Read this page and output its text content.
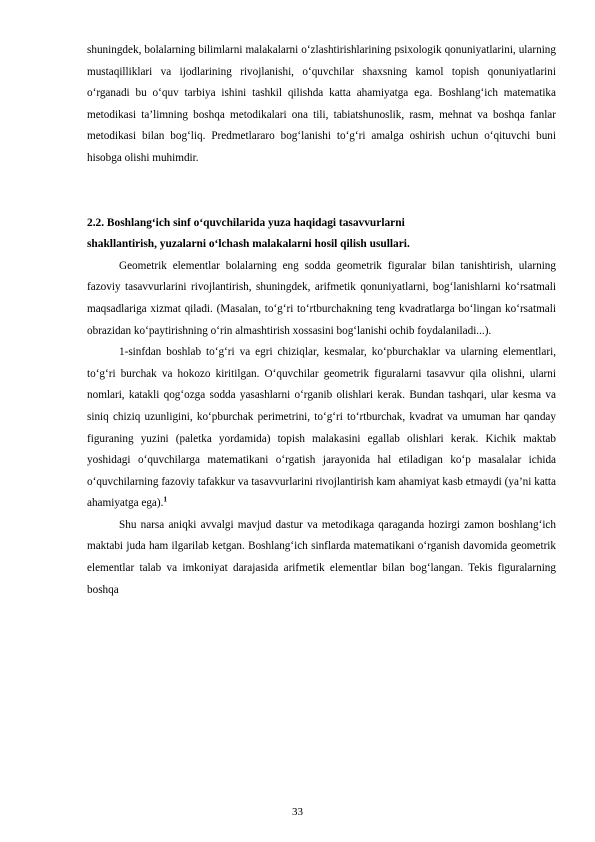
shuningdek, bolalarning bilimlarni malakalarni o‘zlashtirishlarining psixologik qonuniyatlarini, ularning mustaqilliklari va ijodlarining rivojlanishi, o‘quvchilar shaxsning kamol topish qonuniyatlarini o‘rganadi bu o‘quv tarbiya ishini tashkil qilishda katta ahamiyatga ega. Boshlang‘ich matematika metodikasi ta’limning boshqa metodikalari ona tili, tabiatshunoslik, rasm, mehnat va boshqa fanlar metodikasi bilan bog‘liq. Predmetlararo bog‘lanishi to‘g‘ri amalga oshirish uchun o‘qituvchi buni hisobga olishi muhimdir.

2.2. Boshlang‘ich sinf o‘quvchilarida yuza haqidagi tasavvurlarni
shakllantirish, yuzalarni o‘lchash malakalarni hosil qilish usullari.

Geometrik elementlar bolalarning eng sodda geometrik figuralar bilan tanishtirish, ularning fazoviy tasavvurlarini rivojlantirish, shuningdek, arifmetik qonuniyatlarni, bog‘lanishlarni ko‘rsatmali maqsadlariga xizmat qiladi. (Masalan, to‘g‘ri to‘rtburchakning teng kvadratlarga bo‘lingan ko‘rsatmali obrazidan ko‘paytirishning o‘rin almashtirish xossasini bog‘lanishi ochib foydalaniladi...).

1-sinfdan boshlab to‘g‘ri va egri chiziqlar, kesmalar, ko‘pburchaklar va ularning elementlari, to‘g‘ri burchak va hokozo kiritilgan. O‘quvchilar geometrik figuralarni tasavvur qila olishni, ularni nomlari, katakli qog‘ozga sodda yasashlarni o‘rganib olishlari kerak. Bundan tashqari, ular kesma va siniq chiziq uzunligini, ko‘pburchak perimetrini, to‘g‘ri to‘rtburchak, kvadrat va umuman har qanday figuraning yuzini (paletka yordamida) topish malakasini egallab olishlari kerak. Kichik maktab yoshidagi o‘quvchilarga matematikani o‘rgatish jarayonida hal etiladigan ko‘p masalalar ichida o‘quvchilarning fazoviy tafakkur va tasavvurlarini rivojlantirish kam ahamiyat kasb etmaydi (ya’ni katta ahamiyatga ega).$^1$

Shu narsa aniqki avvalgi mavjud dastur va metodikaga qaraganda hozirgi zamon boshlang‘ich maktabi juda ham ilgarilab ketgan. Boshlang‘ich sinflarda matematikani o‘rganish davomida geometrik elementlar talab va imkoniyat darajasida arifmetik elementlar bilan bog‘langan. Tekis figuralarning boshqa

33
